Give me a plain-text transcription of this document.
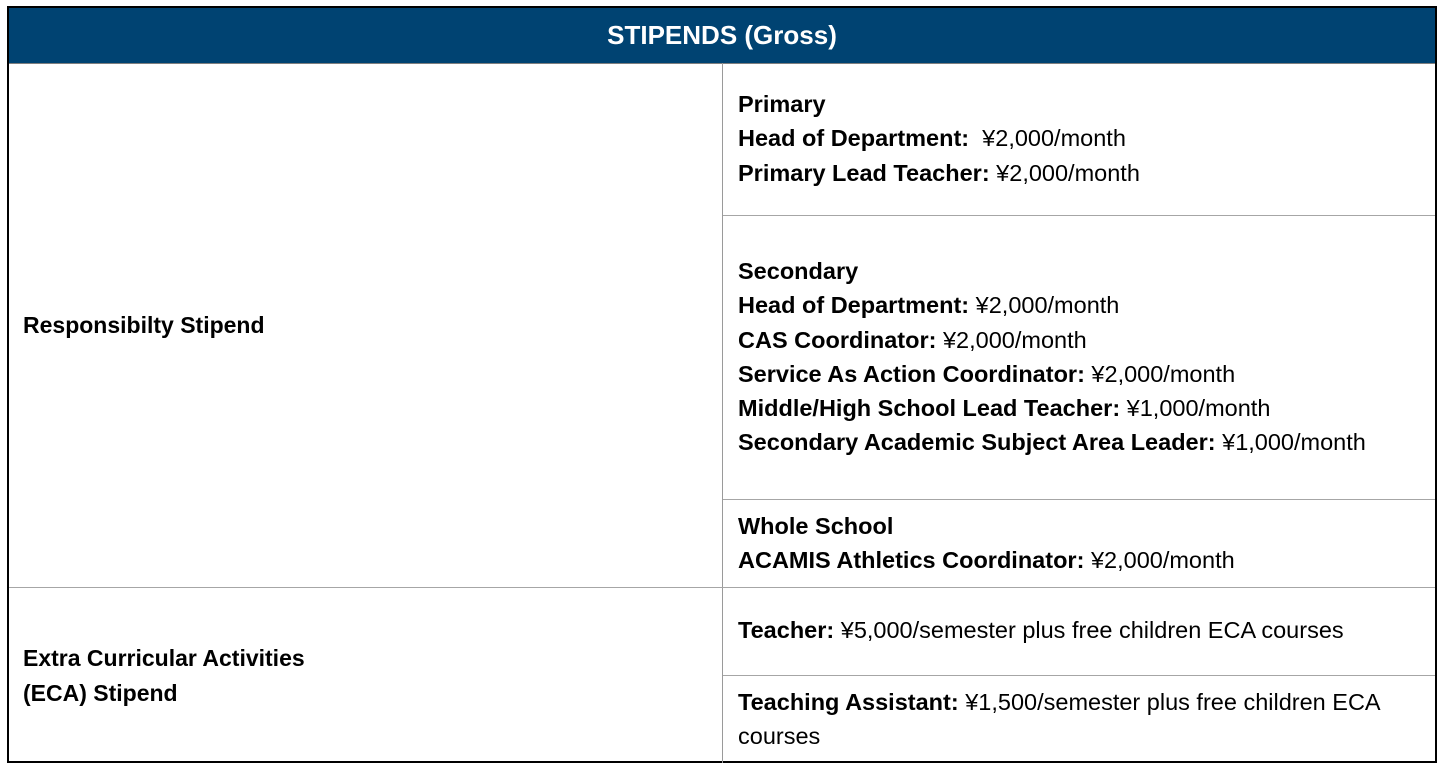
STIPENDS (Gross)
Responsibilty Stipend
Primary
Head of Department:  ¥2,000/month
Primary Lead Teacher: ¥2,000/month
Secondary
Head of Department: ¥2,000/month
CAS Coordinator: ¥2,000/month
Service As Action Coordinator: ¥2,000/month
Middle/High School Lead Teacher: ¥1,000/month
Secondary Academic Subject Area Leader: ¥1,000/month
Whole School
ACAMIS Athletics Coordinator: ¥2,000/month
Extra Curricular Activities
(ECA) Stipend
Teacher: ¥5,000/semester plus free children ECA courses
Teaching Assistant: ¥1,500/semester plus free children ECA courses
